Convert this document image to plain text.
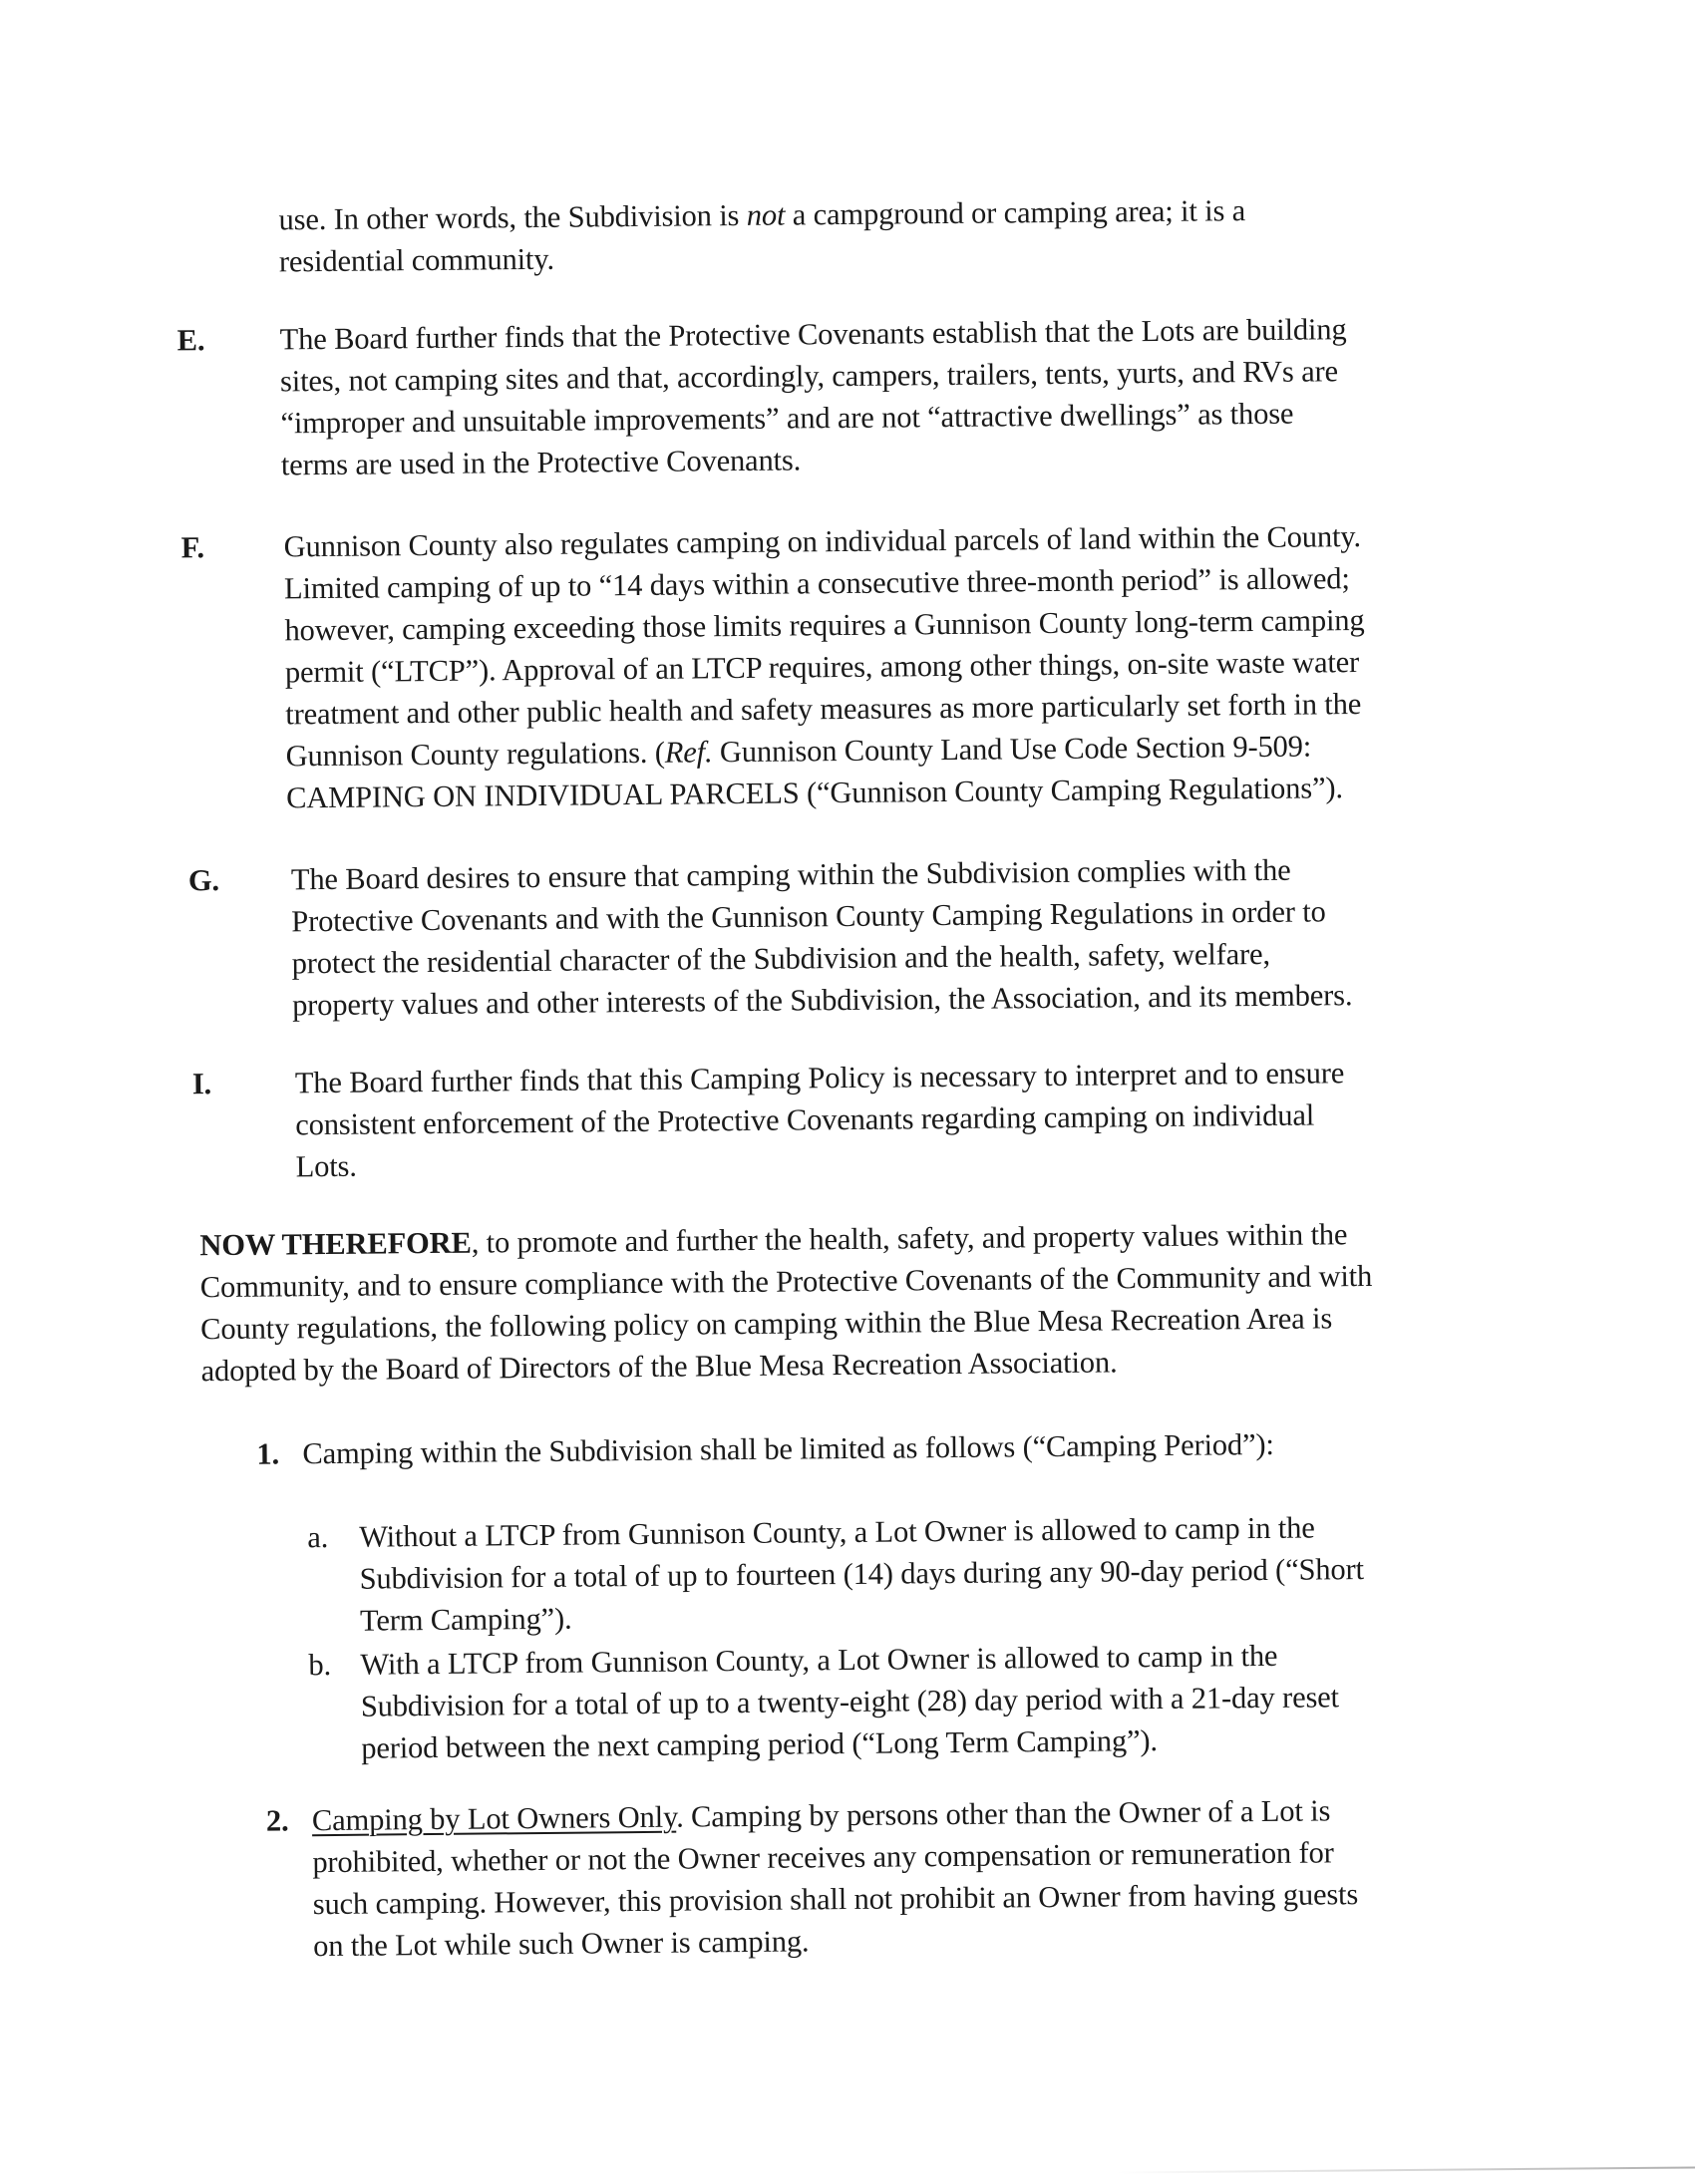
use. In other words, the Subdivision is not a campground or camping area; it is a
residential community.
E. The Board further finds that the Protective Covenants establish that the Lots are building
sites, not camping sites and that, accordingly, campers, trailers, tents, yurts, and RVs are
“improper and unsuitable improvements” and are not “attractive dwellings” as those
terms are used in the Protective Covenants.
F.	Gunnison County also regulates camping on individual parcels of land within the County.
Limited camping of up to “14 days within a consecutive three-month period” is allowed;
however, camping exceeding those limits requires a Gunnison County long-term camping
permit (“LTCP”). Approval of an LTCP requires, among other things, on-site waste water
treatment and other public health and safety measures as more particularly set forth in the
Gunnison County regulations. (Ref. Gunnison County Land Use Code Section 9-509:
CAMPING ON INDIVIDUAL PARCELS (“Gunnison County Camping Regulations”).
G. The Board desires to ensure that camping within the Subdivision complies with the
Protective Covenants and with the Gunnison County Camping Regulations in order to
protect the residential character of the Subdivision and the health, safety, welfare,
property values and other interests of the Subdivision, the Association, and its members.
I.	The Board further finds that this Camping Policy is necessary to interpret and to ensure
consistent enforcement of the Protective Covenants regarding camping on individual
Lots.
NOW THEREFORE, to promote and further the health, safety, and property values within the
Community, and to ensure compliance with the Protective Covenants of the Community and with
County regulations, the following policy on camping within the Blue Mesa Recreation Area is
adopted by the Board of Directors of the Blue Mesa Recreation Association.
1. Camping within the Subdivision shall be limited as follows (“Camping Period”):
a. Without a LTCP from Gunnison County, a Lot Owner is allowed to camp in the
Subdivision for a total of up to fourteen (14) days during any 90-day period (“Short
Term Camping”).
b. With a LTCP from Gunnison County, a Lot Owner is allowed to camp in the
Subdivision for a total of up to a twenty-eight (28) day period with a 21-day reset
period between the next camping period (“Long Term Camping”).
2. Camping by Lot Owners Only. Camping by persons other than the Owner of a Lot is
prohibited, whether or not the Owner receives any compensation or remuneration for
such camping. However, this provision shall not prohibit an Owner from having guests
on the Lot while such Owner is camping.
